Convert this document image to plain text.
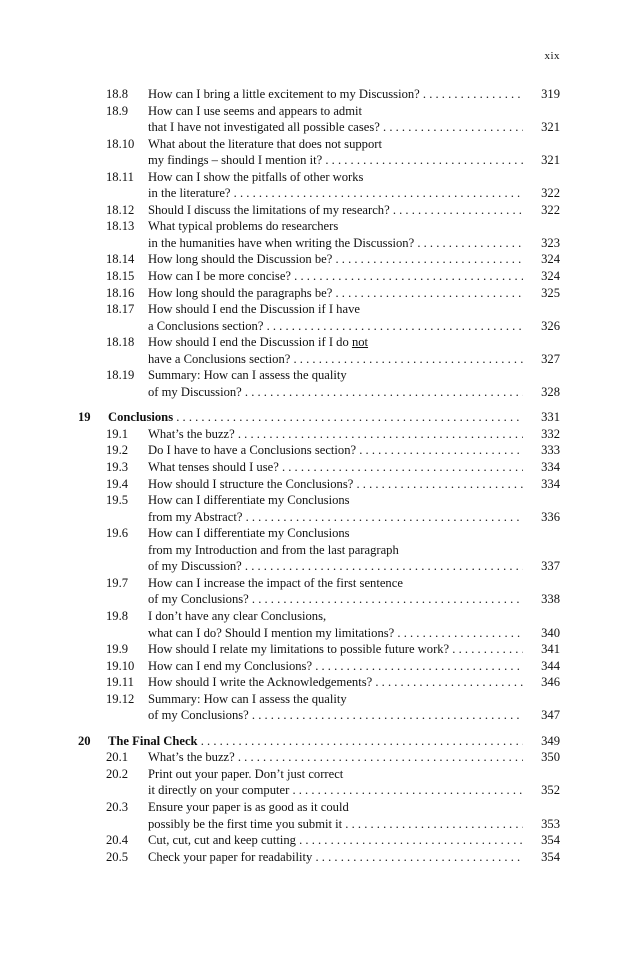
xix
18.8 How can I bring a little excitement to my Discussion? . . .	319
18.9 How can I use seems and appears to admit
that I have not investigated all possible cases? . . .	321
18.10 What about the literature that does not support
my findings – should I mention it? . . .	321
18.11 How can I show the pitfalls of other works
in the literature? . . .	322
18.12 Should I discuss the limitations of my research? . . .	322
18.13 What typical problems do researchers
in the humanities have when writing the Discussion? . . .	323
18.14 How long should the Discussion be? . . .	324
18.15 How can I be more concise? . . .	324
18.16 How long should the paragraphs be? . . .	325
18.17 How should I end the Discussion if I have
a Conclusions section? . . .	326
18.18 How should I end the Discussion if I do not
have a Conclusions section? . . .	327
18.19 Summary: How can I assess the quality
of my Discussion? . . .	328
19 Conclusions . . .	331
19.1 What’s the buzz? . . .	332
19.2 Do I have to have a Conclusions section? . . .	333
19.3 What tenses should I use? . . .	334
19.4 How should I structure the Conclusions? . . .	334
19.5 How can I differentiate my Conclusions
from my Abstract? . . .	336
19.6 How can I differentiate my Conclusions
from my Introduction and from the last paragraph
of my Discussion? . . .	337
19.7 How can I increase the impact of the first sentence
of my Conclusions? . . .	338
19.8 I don’t have any clear Conclusions,
what can I do? Should I mention my limitations? . . .	340
19.9 How should I relate my limitations to possible future work? . . .	341
19.10 How can I end my Conclusions? . . .	344
19.11 How should I write the Acknowledgements? . . .	346
19.12 Summary: How can I assess the quality
of my Conclusions? . . .	347
20 The Final Check . . .	349
20.1 What’s the buzz? . . .	350
20.2 Print out your paper. Don’t just correct
it directly on your computer . . .	352
20.3 Ensure your paper is as good as it could
possibly be the first time you submit it . . .	353
20.4 Cut, cut, cut and keep cutting . . .	354
20.5 Check your paper for readability . . .	354
